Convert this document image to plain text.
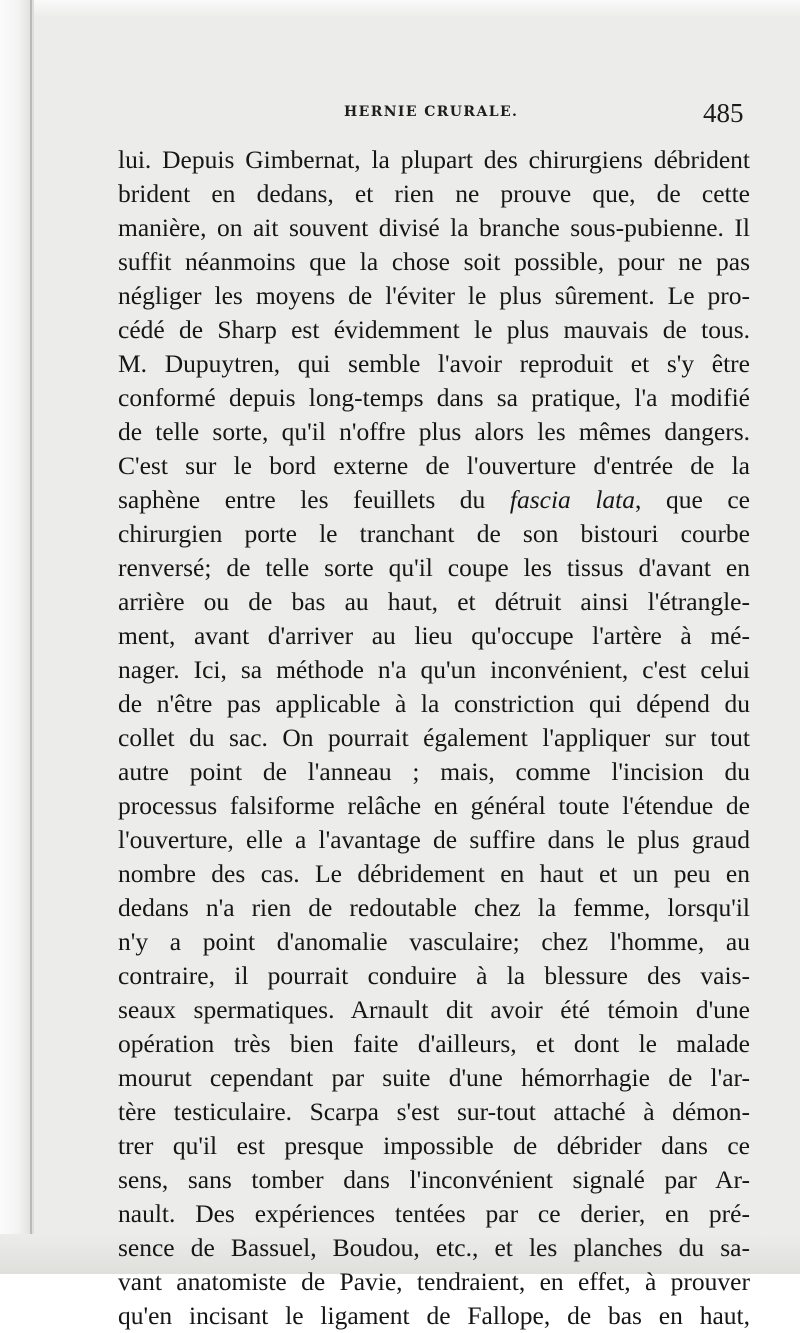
HERNIE CRURALE.	485
lui. Depuis Gimbernat, la plupart des chirurgiens débrident
brident en dedans, et rien ne prouve que, de cette
manière, on ait souvent divisé la branche sous-pubienne. Il
suffit néanmoins que la chose soit possible, pour ne pas
négliger les moyens de l'éviter le plus sûrement. Le pro-
cédé de Sharp est évidemment le plus mauvais de tous.
M. Dupuytren, qui semble l'avoir reproduit et s'y être
conformé depuis long-temps dans sa pratique, l'a modifié
de telle sorte, qu'il n'offre plus alors les mêmes dangers.
C'est sur le bord externe de l'ouverture d'entrée de la
saphène entre les feuillets du fascia lata, que ce
chirurgien porte le tranchant de son bistouri courbe
renversé; de telle sorte qu'il coupe les tissus d'avant en
arrière ou de bas au haut, et détruit ainsi l'étrangle-
ment, avant d'arriver au lieu qu'occupe l'artère à mé-
nager. Ici, sa méthode n'a qu'un inconvénient, c'est celui
de n'être pas applicable à la constriction qui dépend du
collet du sac. On pourrait également l'appliquer sur tout
autre point de l'anneau ; mais, comme l'incision du
processus falsiforme relâche en général toute l'étendue de
l'ouverture, elle a l'avantage de suffire dans le plus graud
nombre des cas. Le débridement en haut et un peu en
dedans n'a rien de redoutable chez la femme, lorsqu'il
n'y a point d'anomalie vasculaire; chez l'homme, au
contraire, il pourrait conduire à la blessure des vais-
seaux spermatiques. Arnault dit avoir été témoin d'une
opération très bien faite d'ailleurs, et dont le malade
mourut cependant par suite d'une hémorrhagie de l'ar-
tère testiculaire. Scarpa s'est sur-tout attaché à démon-
trer qu'il est presque impossible de débrider dans ce
sens, sans tomber dans l'inconvénient signalé par Ar-
nault. Des expériences tentées par ce derier, en pré-
sence de Bassuel, Boudou, etc., et les planches du sa-
vant anatomiste de Pavie, tendraient, en effet, à prouver
qu'en incisant le ligament de Fallope, de bas en haut,
